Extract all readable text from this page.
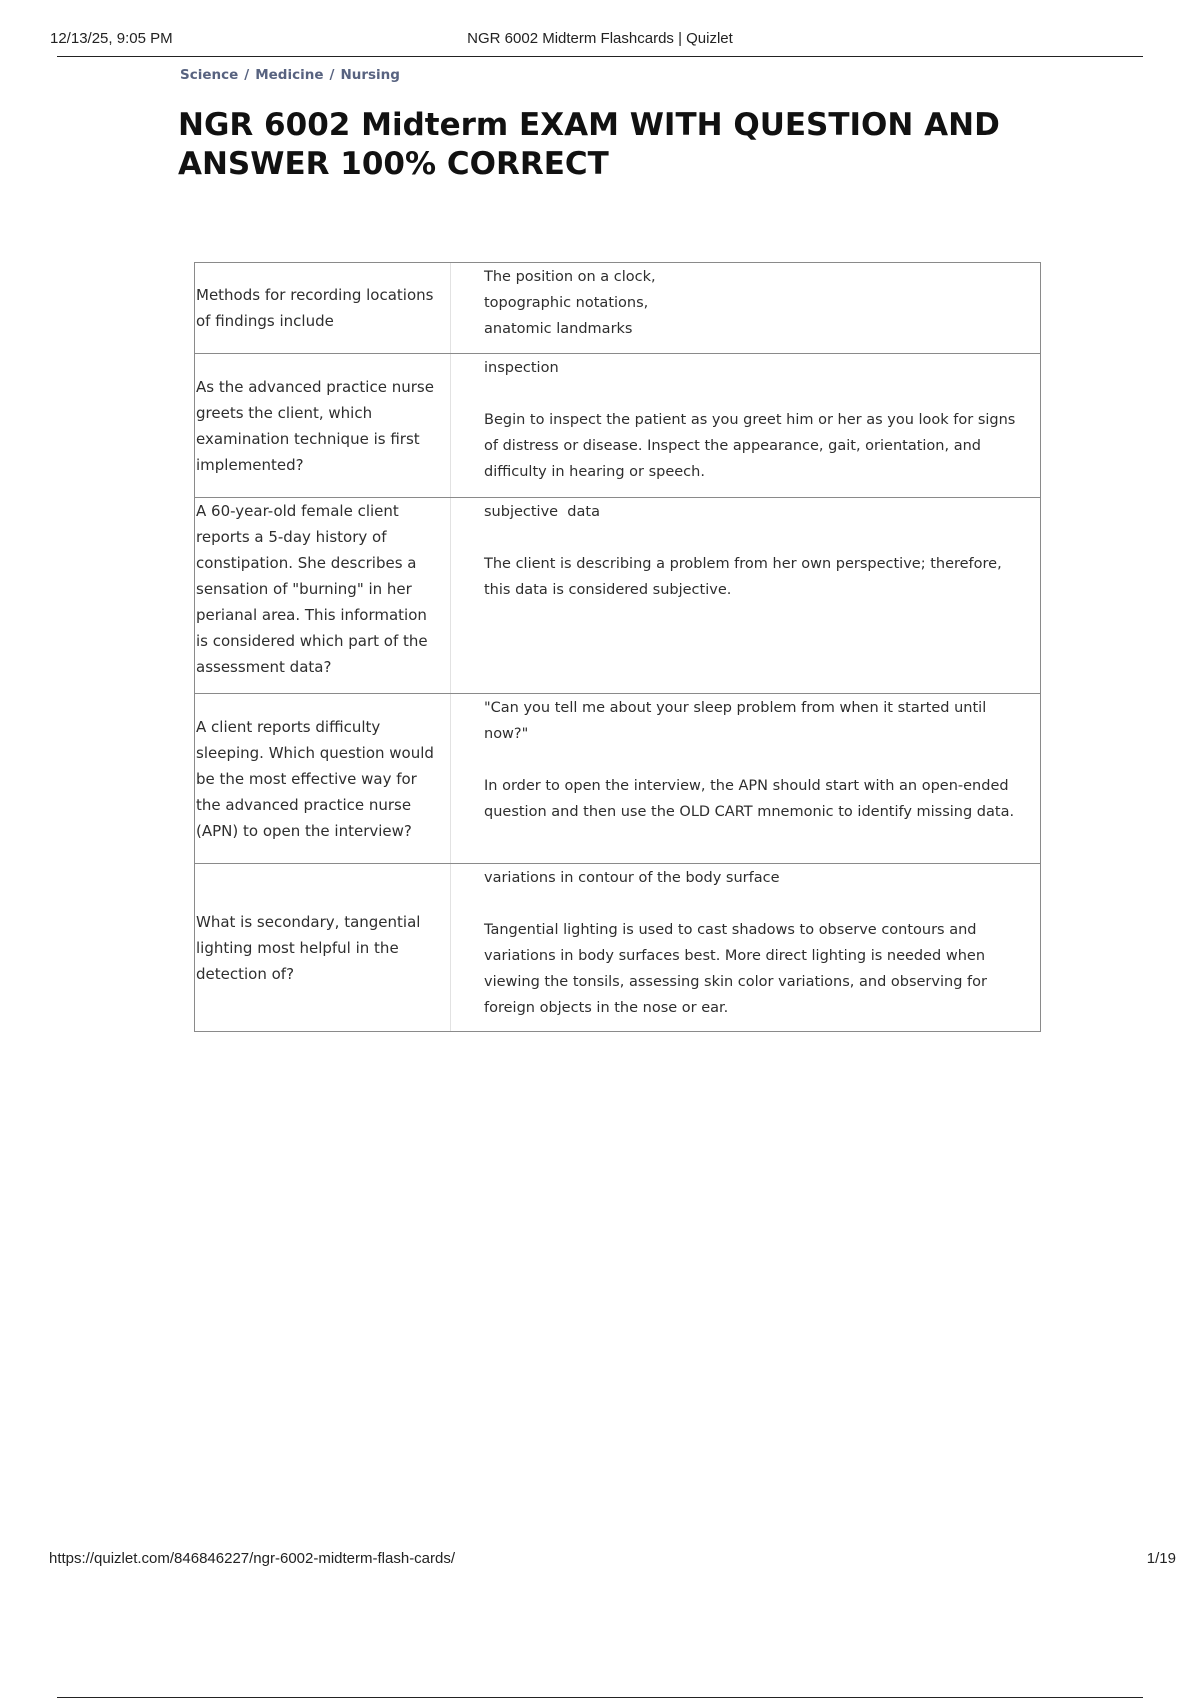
12/13/25, 9:05 PM	NGR 6002 Midterm Flashcards | Quizlet
Science / Medicine / Nursing
NGR 6002 Midterm EXAM WITH QUESTION AND ANSWER 100% CORRECT
Methods for recording locations of findings include
The position on a clock,
topographic notations,
anatomic landmarks
As the advanced practice nurse greets the client, which examination technique is first implemented?
inspection
Begin to inspect the patient as you greet him or her as you look for signs of distress or disease. Inspect the appearance, gait, orientation, and difficulty in hearing or speech.
A 60-year-old female client reports a 5-day history of constipation. She describes a sensation of "burning" in her perianal area. This information is considered which part of the assessment data?
subjective  data
The client is describing a problem from her own perspective; therefore, this data is considered subjective.
A client reports difficulty sleeping. Which question would be the most effective way for the advanced practice nurse (APN) to open the interview?
"Can you tell me about your sleep problem from when it started until now?"
In order to open the interview, the APN should start with an open-ended question and then use the OLD CART mnemonic to identify missing data.
What is secondary, tangential lighting most helpful in the detection of?
variations in contour of the body surface
Tangential lighting is used to cast shadows to observe contours and variations in body surfaces best. More direct lighting is needed when viewing the tonsils, assessing skin color variations, and observing for foreign objects in the nose or ear.
https://quizlet.com/846846227/ngr-6002-midterm-flash-cards/	1/19
